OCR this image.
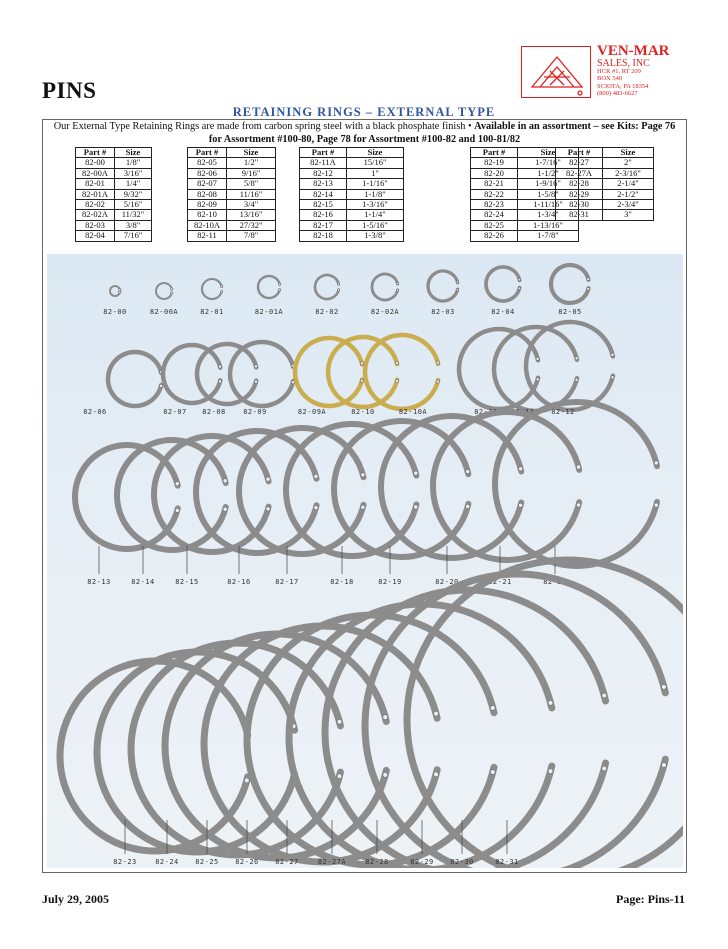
PINS
VEN-MAR
SALES, INC
HCR #1, RT 209
BOX 540
SCIOTA, PA 18354
(800) 483-6627
RETAINING RINGS – EXTERNAL TYPE
Our External Type Retaining Rings are made from carbon spring steel with a black phosphate finish • Available in an assortment – see Kits: Page 76 for Assortment #100-80, Page 78 for Assortment #100-82 and 100-81/82
Part #	Size
82-00	1/8"
82-00A	3/16"
82-01	1/4"
82-01A	9/32"
82-02	5/16"
82-02A	11/32"
82-03	3/8"
82-04	7/16"
Part #	Size
82-05	1/2"
82-06	9/16"
82-07	5/8"
82-08	11/16"
82-09	3/4"
82-10	13/16"
82-10A	27/32"
82-11	7/8"
Part #	Size
82-11A	15/16"
82-12	1"
82-13	1-1/16"
82-14	1-1/8"
82-15	1-3/16"
82-16	1-1/4"
82-17	1-5/16"
82-18	1-3/8"
Part #	Size
82-19	1-7/16"
82-20	1-1/2"
82-21	1-9/16"
82-22	1-5/8"
82-23	1-11/16"
82-24	1-3/4"
82-25	1-13/16"
82-26	1-7/8"
Part #	Size
82-27	2"
82-27A	2-3/16"
82-28	2-1/4"
82-29	2-1/2"
82-30	2-3/4"
82-31	3"
82-00	82-00A	82-01	82-01A	82-02	82-02A	82-03	82-04	82-05
82-06	82-07 82-08 82-09	82-09A	82-10	82-10A	82-11 82-11A 82-12
82-13	82-14	82-15	82-16	82-17	82-18	82-19	82-20	82-21	82-22
82-23	82-24 82-25 82-26 82-27	82-27A	82-28	82-29 82-30	82-31
July 29, 2005	Page: Pins-11
